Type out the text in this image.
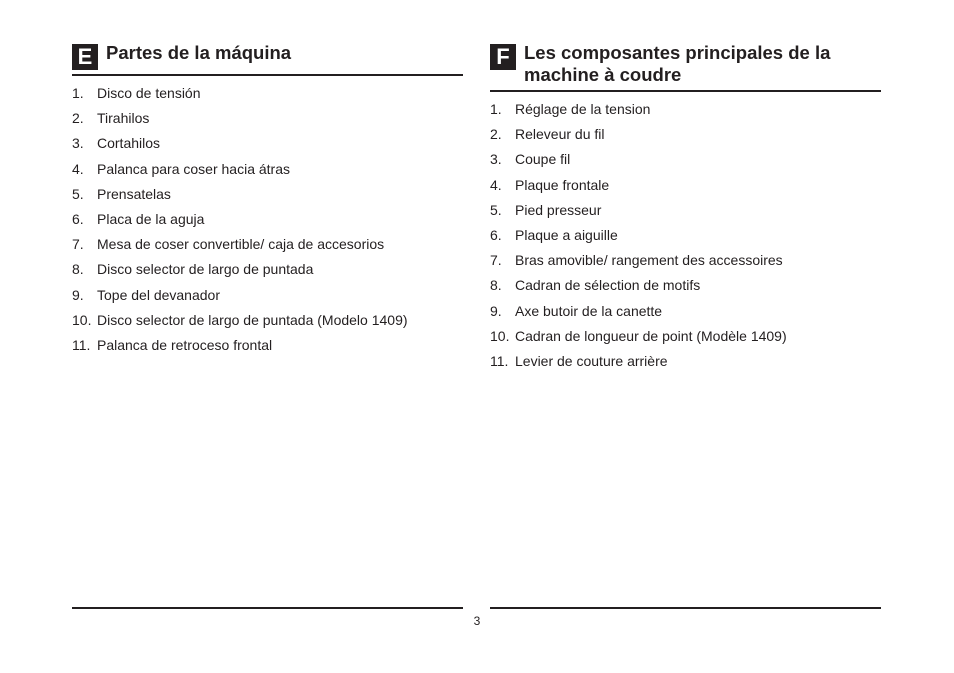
E Partes de la máquina
1. Disco de tensión
2. Tirahilos
3. Cortahilos
4. Palanca para coser hacia átras
5. Prensatelas
6. Placa de la aguja
7. Mesa de coser convertible/ caja de accesorios
8. Disco selector de largo de puntada
9. Tope del devanador
10. Disco selector de largo de puntada (Modelo 1409)
11. Palanca de retroceso frontal
F Les composantes principales de la machine à coudre
1. Réglage de la tension
2. Releveur du fil
3. Coupe fil
4. Plaque frontale
5. Pied presseur
6. Plaque a aiguille
7. Bras amovible/ rangement des accessoires
8. Cadran de sélection de motifs
9. Axe butoir de la canette
10. Cadran de longueur de point (Modèle 1409)
11. Levier de couture arrière
3
